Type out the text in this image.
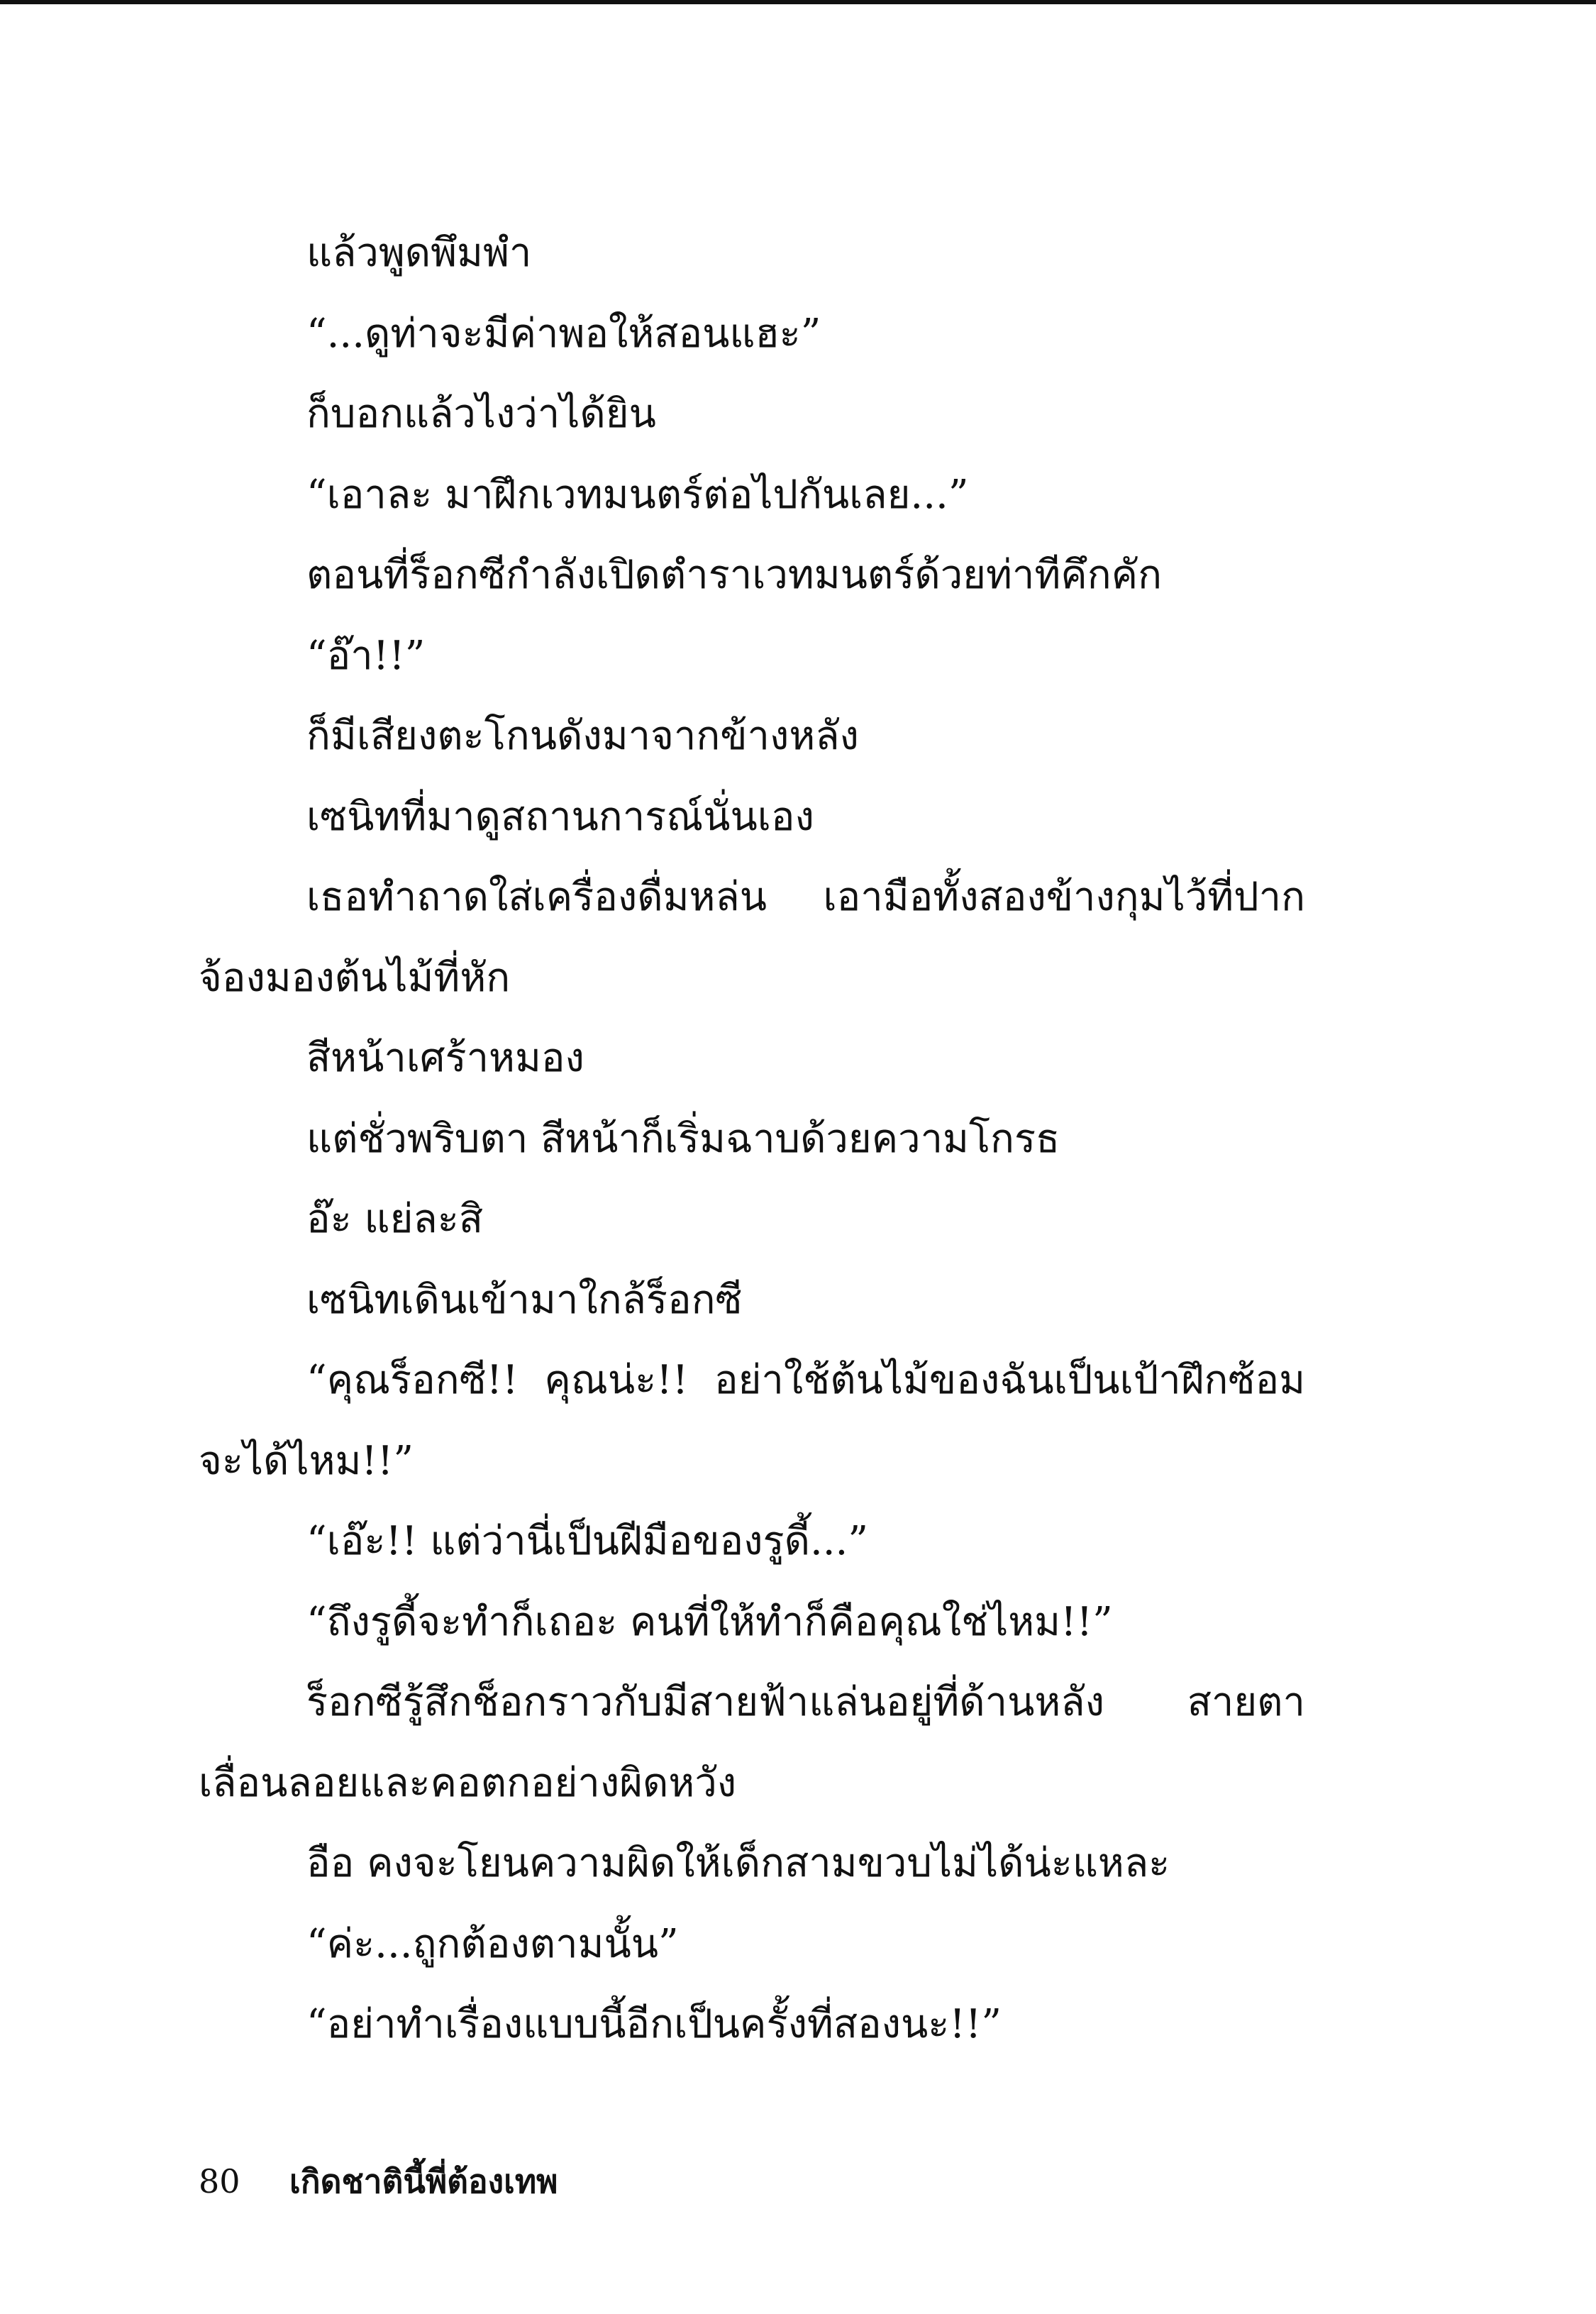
แล้วพูดพึมพำ

“...ดูท่าจะมีค่าพอให้สอนแฮะ”

ก็บอกแล้วไงว่าได้ยิน

“เอาละ มาฝึกเวทมนตร์ต่อไปกันเลย...”

ตอนที่ร็อกซีกำลังเปิดตำราเวทมนตร์ด้วยท่าทีคึกคัก

“อ๊า!!”

ก็มีเสียงตะโกนดังมาจากข้างหลัง

เซนิทที่มาดูสถานการณ์นั่นเอง

เธอทำถาดใส่เครื่องดื่มหล่น เอามือทั้งสองข้างกุมไว้ที่ปาก จ้องมองต้นไม้ที่หัก

สีหน้าเศร้าหมอง

แต่ชั่วพริบตา สีหน้าก็เริ่มฉาบด้วยความโกรธ

อ๊ะ แย่ละสิ

เซนิทเดินเข้ามาใกล้ร็อกซี

“คุณร็อกซี!! คุณน่ะ!! อย่าใช้ต้นไม้ของฉันเป็นเป้าฝึกซ้อมจะได้ไหม!!”

“เอ๊ะ!! แต่ว่านี่เป็นฝีมือของรูดี้...”

“ถึงรูดี้จะทำก็เถอะ คนที่ให้ทำก็คือคุณใช่ไหม!!”

ร็อกซีรู้สึกช็อกราวกับมีสายฟ้าแล่นอยู่ที่ด้านหลัง สายตาเลื่อนลอยและคอตกอย่างผิดหวัง

อือ คงจะโยนความผิดให้เด็กสามขวบไม่ได้น่ะแหละ

“ค่ะ...ถูกต้องตามนั้น”

“อย่าทำเรื่องแบบนี้อีกเป็นครั้งที่สองนะ!!”

80 เกิดชาตินี้พี่ต้องเทพ
